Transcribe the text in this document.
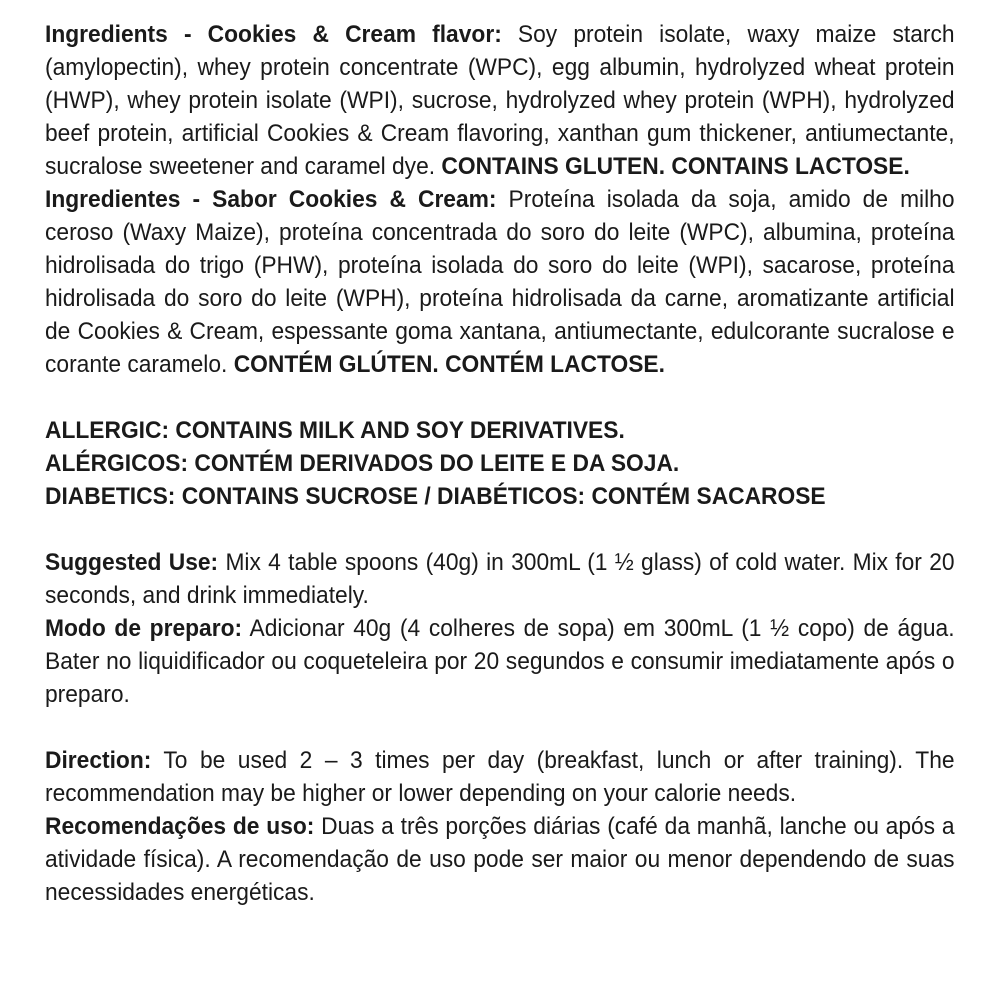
Ingredients - Cookies & Cream flavor: Soy protein isolate, waxy maize starch (amylopectin), whey protein concentrate (WPC), egg albumin, hydrolyzed wheat protein (HWP), whey protein isolate (WPI), sucrose, hydrolyzed whey protein (WPH), hydrolyzed beef protein, artificial Cookies & Cream flavoring, xanthan gum thickener, antiumectante, sucralose sweetener and caramel dye. CONTAINS GLUTEN. CONTAINS LACTOSE.

Ingredientes - Sabor Cookies & Cream: Proteína isolada da soja, amido de milho ceroso (Waxy Maize), proteína concentrada do soro do leite (WPC), albumina, proteína hidrolisada do trigo (PHW), proteína isolada do soro do leite (WPI), sacarose, proteína hidrolisada do soro do leite (WPH), proteína hidrolisada da carne, aromatizante artificial de Cookies & Cream, espessante goma xantana, antiumectante, edulcorante sucralose e corante caramelo. CONTÉM GLÚTEN. CONTÉM LACTOSE.

ALLERGIC: CONTAINS MILK AND SOY DERIVATIVES.
ALÉRGICOS: CONTÉM DERIVADOS DO LEITE E DA SOJA.
DIABETICS: CONTAINS SUCROSE / DIABÉTICOS: CONTÉM SACAROSE

Suggested Use: Mix 4 table spoons (40g) in 300mL (1 ½ glass) of cold water. Mix for 20 seconds, and drink immediately.

Modo de preparo: Adicionar 40g (4 colheres de sopa) em 300mL (1 ½ copo) de água. Bater no liquidificador ou coqueteleira por 20 segundos e consumir imediatamente após o preparo.

Direction: To be used 2 – 3 times per day (breakfast, lunch or after training). The recommendation may be higher or lower depending on your calorie needs.

Recomendações de uso: Duas a três porções diárias (café da manhã, lanche ou após a atividade física). A recomendação de uso pode ser maior ou menor dependendo de suas necessidades energéticas.
